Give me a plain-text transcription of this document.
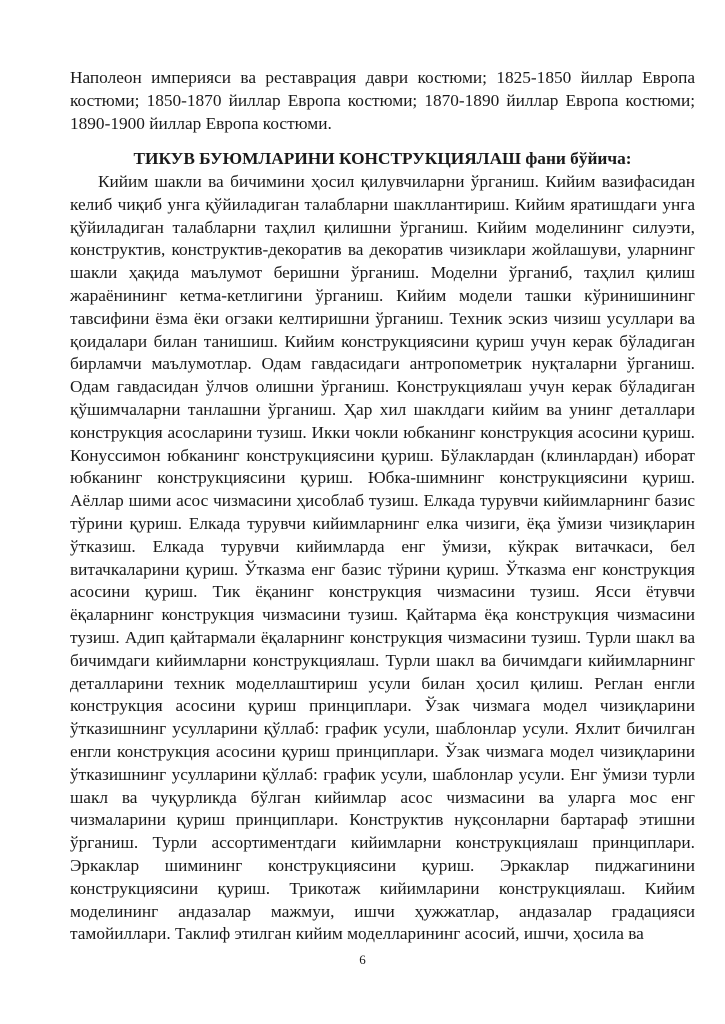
Наполеон империяси ва реставрация даври костюми; 1825-1850 йиллар Европа костюми; 1850-1870 йиллар Европа костюми; 1870-1890 йиллар Европа костюми; 1890-1900 йиллар Европа костюми.

ТИКУВ БУЮМЛАРИНИ КОНСТРУКЦИЯЛАШ фани бўйича:

Кийим шакли ва бичимини ҳосил қилувчиларни ўрганиш. Кийим вазифасидан келиб чиқиб унга қўйиладиган талабларни шакллантириш. Кийим яратишдаги унга қўйиладиган талабларни таҳлил қилишни ўрганиш. Кийим моделининг силуэти, конструктив, конструктив-декоратив ва декоратив чизиклари жойлашуви, уларнинг шакли ҳақида маълумот беришни ўрганиш. Моделни ўрганиб, таҳлил қилиш жараёнининг кетма-кетлигини ўрганиш. Кийим модели ташки кўринишининг тавсифини ёзма ёки огзаки келтиришни ўрганиш. Техник эскиз чизиш усуллари ва қоидалари билан танишиш. Кийим конструкциясини қуриш учун керак бўладиган бирламчи маълумотлар. Одам гавдасидаги антропометрик нуқталарни ўрганиш. Одам гавдасидан ўлчов олишни ўрганиш. Конструкциялаш учун керак бўладиган қўшимчаларни танлашни ўрганиш. Ҳар хил шаклдаги кийим ва унинг деталлари конструкция асосларини тузиш. Икки чокли юбканинг конструкция асосини қуриш. Конуссимон юбканинг конструкциясини қуриш. Бўлаклардан (клинлардан) иборат юбканинг конструкциясини қуриш. Юбка-шимнинг конструкциясини қуриш. Аёллар шими асос чизмасини ҳисоблаб тузиш. Елкада турувчи кийимларнинг базис тўрини қуриш. Елкада турувчи кийимларнинг елка чизиги, ёқа ўмизи чизиқларин ўтказиш. Елкада турувчи кийимларда енг ўмизи, кўкрак витачкаси, бел витачкаларини қуриш. Ўтказма енг базис тўрини қуриш. Ўтказма енг конструкция асосини қуриш. Тик ёқанинг конструкция чизмасини тузиш. Ясси ётувчи ёқаларнинг конструкция чизмасини тузиш. Қайтарма ёқа конструкция чизмасини тузиш. Адип қайтармали ёқаларнинг конструкция чизмасини тузиш. Турли шакл ва бичимдаги кийимларни конструкциялаш. Турли шакл ва бичимдаги кийимларнинг деталларини техник моделлаштириш усули билан ҳосил қилиш. Реглан енгли конструкция асосини қуриш принциплари. Ўзак чизмага модел чизиқларини ўтказишнинг усулларини қўллаб: график усули, шаблонлар усули. Яхлит бичилган енгли конструкция асосини қуриш принциплари. Ўзак чизмага модел чизиқларини ўтказишнинг усулларини қўллаб: график усули, шаблонлар усули. Енг ўмизи турли шакл ва чуқурликда бўлган кийимлар асос чизмасини ва уларга мос енг чизмаларини қуриш принциплари. Конструктив нуқсонларни бартараф этишни ўрганиш. Турли ассортиментдаги кийимларни конструкциялаш принциплари. Эркаклар шимининг конструкциясини қуриш. Эркаклар пиджагинини конструкциясини қуриш. Трикотаж кийимларини конструкциялаш. Кийим моделининг андазалар мажмуи, ишчи ҳужжатлар, андазалар градацияси тамойиллари. Таклиф этилган кийим моделларининг асосий, ишчи, ҳосила ва

6
